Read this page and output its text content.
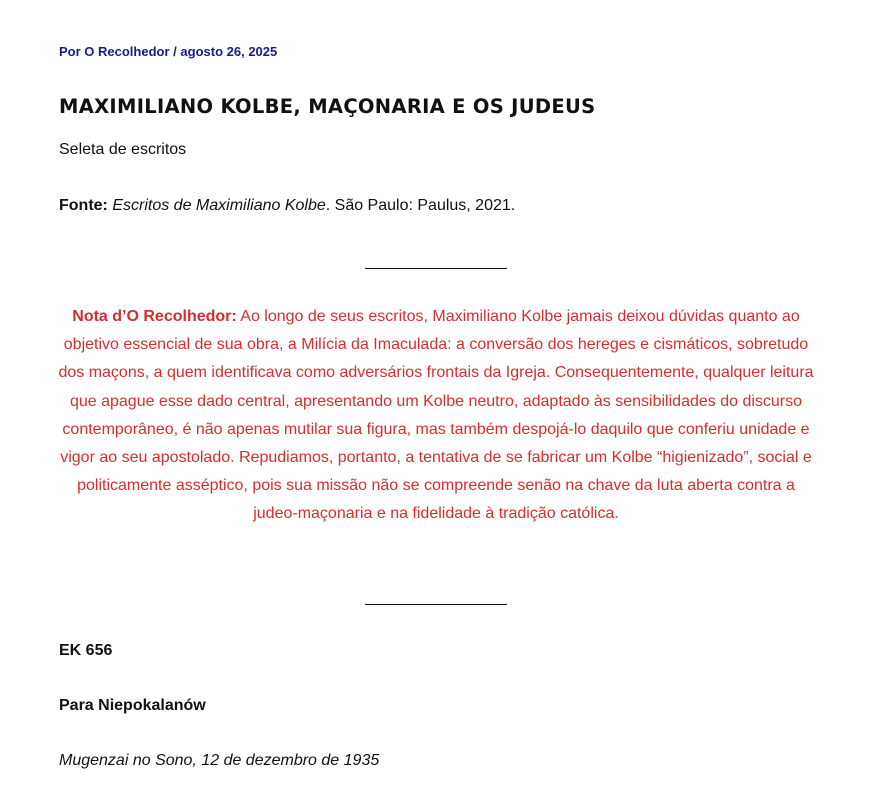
Por O Recolhedor / agosto 26, 2025
MAXIMILIANO KOLBE, MAÇONARIA E OS JUDEUS
Seleta de escritos
Fonte: Escritos de Maximiliano Kolbe. São Paulo: Paulus, 2021.
Nota d’O Recolhedor: Ao longo de seus escritos, Maximiliano Kolbe jamais deixou dúvidas quanto ao objetivo essencial de sua obra, a Milícia da Imaculada: a conversão dos hereges e cismáticos, sobretudo dos maçons, a quem identificava como adversários frontais da Igreja. Consequentemente, qualquer leitura que apague esse dado central, apresentando um Kolbe neutro, adaptado às sensibilidades do discurso contemporâneo, é não apenas mutilar sua figura, mas também despojá-lo daquilo que conferiu unidade e vigor ao seu apostolado. Repudiamos, portanto, a tentativa de se fabricar um Kolbe “higienizado”, social e politicamente asséptico, pois sua missão não se compreende senão na chave da luta aberta contra a judeo-maçonaria e na fidelidade à tradição católica.
EK 656
Para Niepokalanów
Mugenzai no Sono, 12 de dezembro de 1935
